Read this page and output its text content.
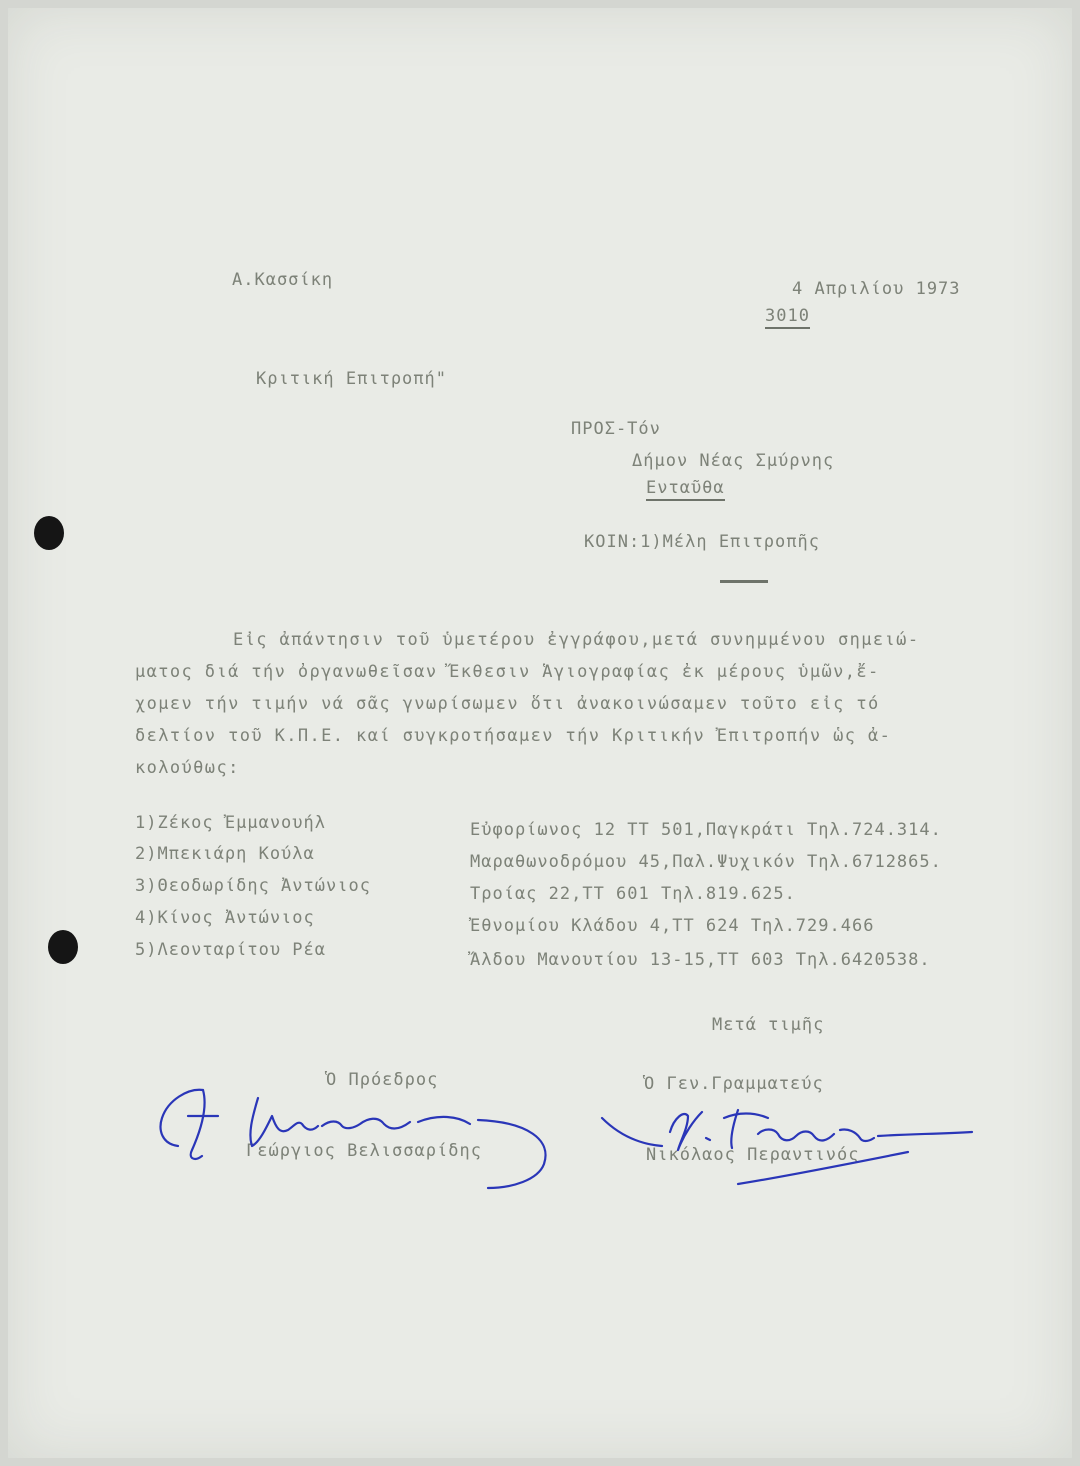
Α.Κασσίκη	4 Απριλίου 1973
3010
Κριτική Επιτροπή"
ΠΡΟΣ-Τόν
Δήμον Νέας Σμύρνης
Ενταῦθα
ΚΟΙΝ:1)Μέλη Επιτροπῆς
Εἰς ἀπάντησιν τοῦ ὑμετέρου ἐγγράφου,μετά συνημμένου σημειώ-
ματος διά τήν ὀργανωθεῖσαν Ἔκθεσιν Ἁγιογραφίας ἐκ μέρους ὑμῶν,ἔ-
χομεν τήν τιμήν νά σᾶς γνωρίσωμεν ὅτι ἀνακοινώσαμεν τοῦτο εἰς τό
δελτίον τοῦ Κ.Π.Ε. καί συγκροτήσαμεν τήν Κριτικήν Ἐπιτροπήν ὡς ἀ-
κολούθως:
1)Ζέκος Ἐμμανουήλ	Εὐφορίωνος 12 ΤΤ 501,Παγκράτι Τηλ.724.314.
2)Μπεκιάρη Κούλα	Μαραθωνοδρόμου 45,Παλ.Ψυχικόν Τηλ.6712865.
3)Θεοδωρίδης Ἀντώνιος	Τροίας 22,ΤΤ 601 Τηλ.819.625.
4)Κίνος Ἀντώνιος	Ἐθνομίου Κλάδου 4,ΤΤ 624 Τηλ.729.466
5)Λεονταρίτου Ρέα	Ἄλδου Μανουτίου 13-15,ΤΤ 603 Τηλ.6420538.
Μετά τιμῆς
Ὁ Πρόεδρος
Γεώργιος Βελισσαρίδης
Ὁ Γεν.Γραμματεύς
Νικόλαος Περαντινός
